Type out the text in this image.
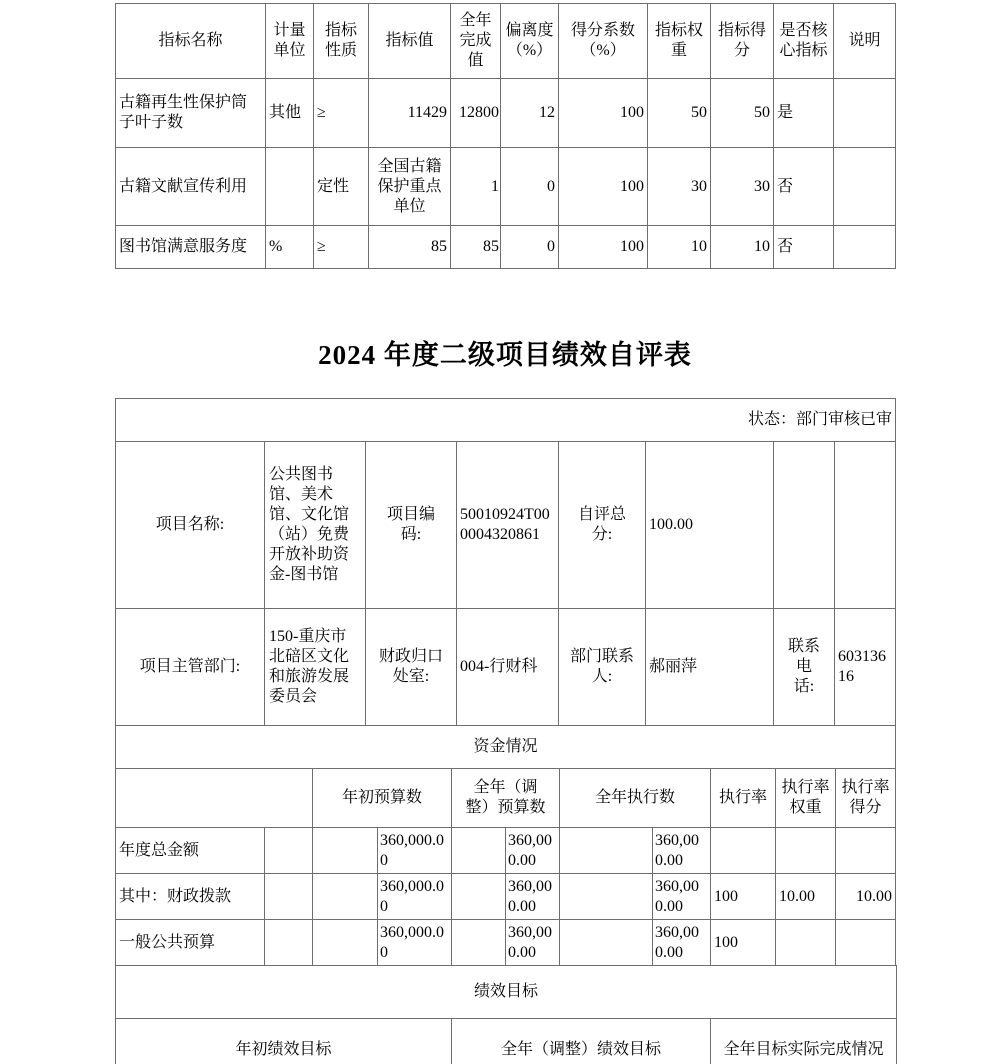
指标名称	计量单位	指标性质	指标值	全年完成值	偏离度（%）	得分系数（%）	指标权重	指标得分	是否核心指标	说明
古籍再生性保护筒子叶子数	其他	≥	11429	12800	12	100	50	50	是	
古籍文献宣传利用		定性	全国古籍保护重点单位	1	0	100	30	30	否	
图书馆满意服务度	%	≥	85	85	0	100	10	10	否	
2024 年度二级项目绩效自评表
状态：部门审核已审							
项目名称:	公共图书馆、美术馆、文化馆（站）免费开放补助资金-图书馆	项目编码:	50010924T000004320861	自评总分:	100.00		
项目主管部门:	150-重庆市北碚区文化和旅游发展委员会	财政归口处室:	004-行财科	部门联系人:	郝丽萍	联系电话:	60313616
资金情况							
		年初预算数		全年（调整）预算数		全年执行数		执行率	执行率权重	执行率得分
年度总金额			360,000.00		360,000.00		360,000.00			
其中：财政拨款			360,000.00		360,000.00		360,000.00	100	10.00	10.00
一般公共预算			360,000.00		360,000.00		360,000.00	100		
绩效目标
年初绩效目标	全年（调整）绩效目标	全年目标实际完成情况
